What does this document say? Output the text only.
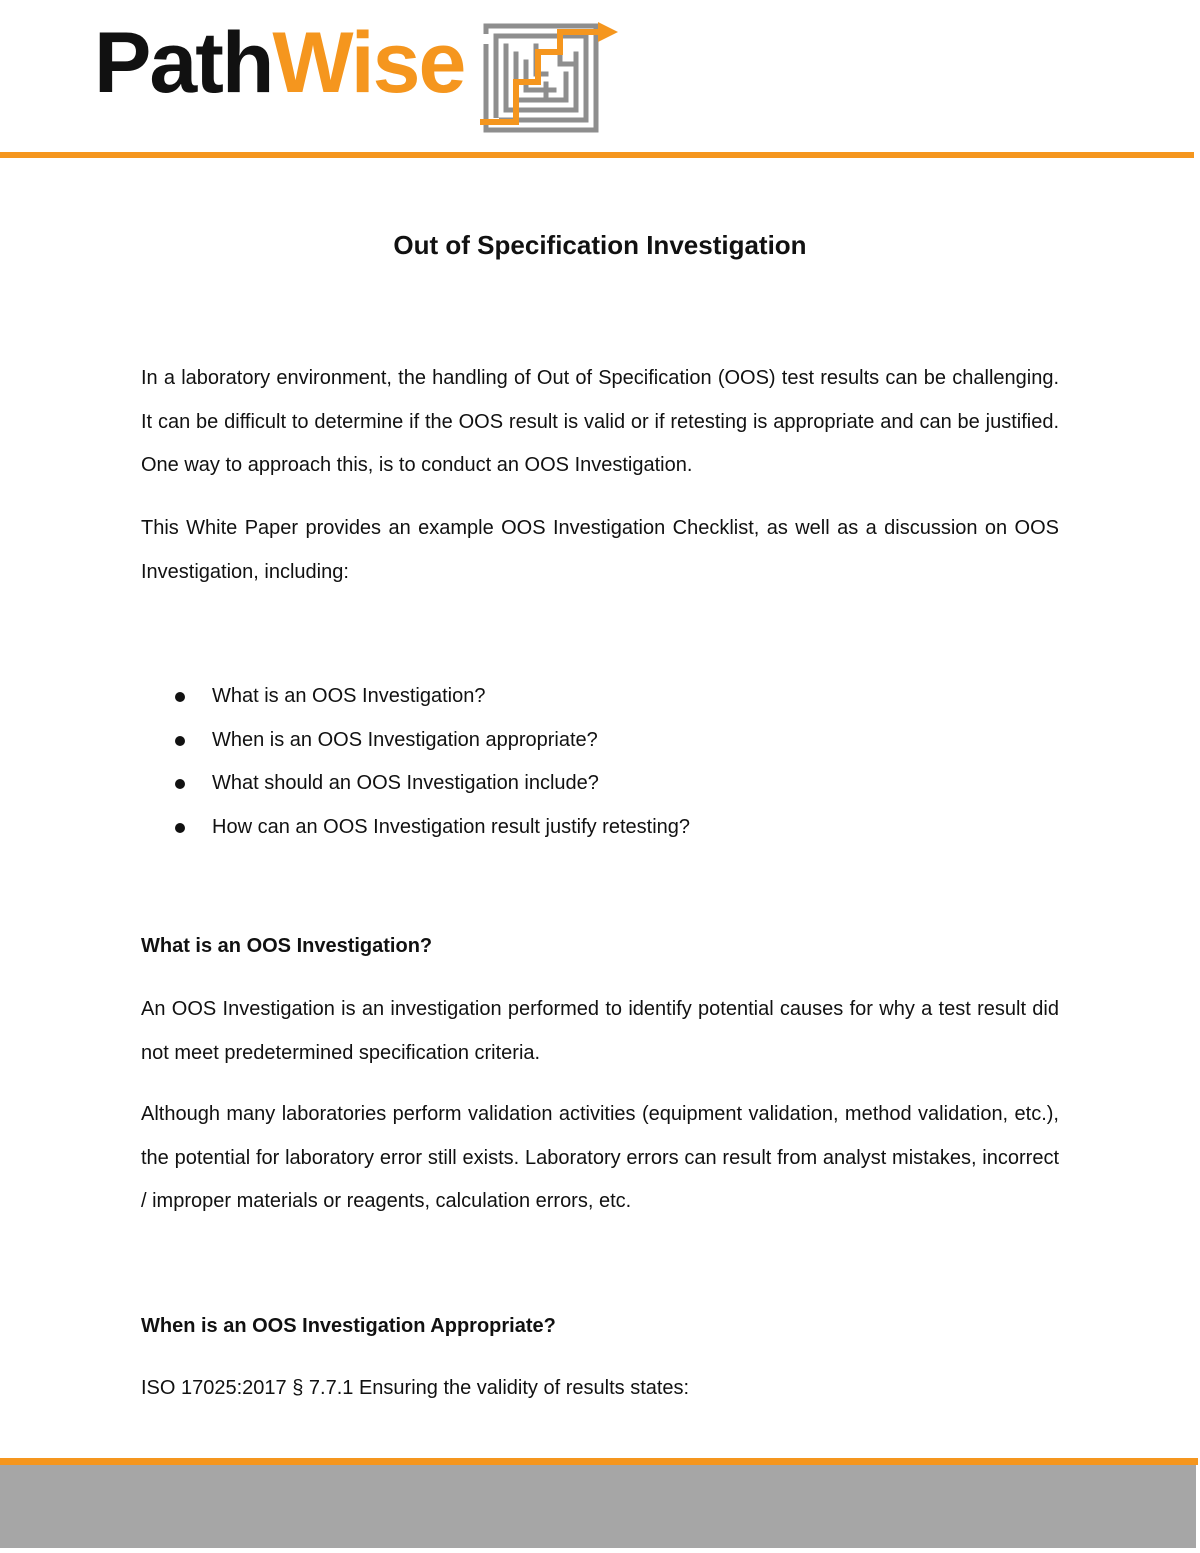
PathWise
Out of Specification Investigation

In a laboratory environment, the handling of Out of Specification (OOS) test results can be challenging. It can be difficult to determine if the OOS result is valid or if retesting is appropriate and can be justified. One way to approach this, is to conduct an OOS Investigation.

This White Paper provides an example OOS Investigation Checklist, as well as a discussion on OOS Investigation, including:

What is an OOS Investigation?
When is an OOS Investigation appropriate?
What should an OOS Investigation include?
How can an OOS Investigation result justify retesting?

What is an OOS Investigation?

An OOS Investigation is an investigation performed to identify potential causes for why a test result did not meet predetermined specification criteria.

Although many laboratories perform validation activities (equipment validation, method validation, etc.), the potential for laboratory error still exists. Laboratory errors can result from analyst mistakes, incorrect / improper materials or reagents, calculation errors, etc.

When is an OOS Investigation Appropriate?

ISO 17025:2017 § 7.7.1 Ensuring the validity of results states:
